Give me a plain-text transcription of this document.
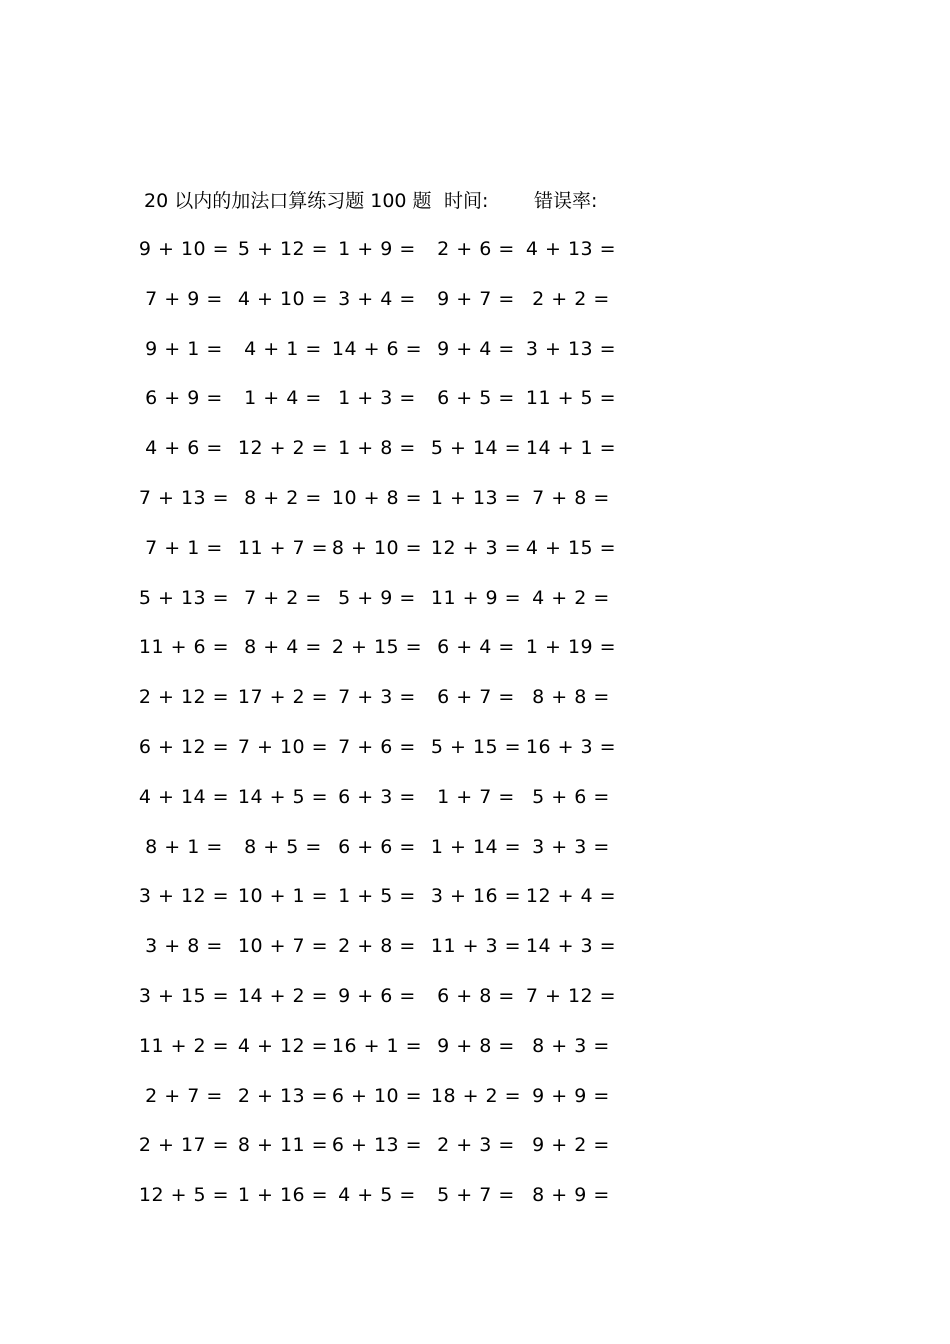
20 以内的加法口算练习题 100 题 时间: 错误率:
9 + 10 = 5 + 12 = 1 + 9 = 2 + 6 = 4 + 13 =
7 + 9 = 4 + 10 = 3 + 4 = 9 + 7 = 2 + 2 =
9 + 1 = 4 + 1 = 14 + 6 = 9 + 4 = 3 + 13 =
6 + 9 = 1 + 4 = 1 + 3 = 6 + 5 = 11 + 5 =
4 + 6 = 12 + 2 = 1 + 8 = 5 + 14 = 14 + 1 =
7 + 13 = 8 + 2 = 10 + 8 = 1 + 13 = 7 + 8 =
7 + 1 = 11 + 7 = 8 + 10 = 12 + 3 = 4 + 15 =
5 + 13 = 7 + 2 = 5 + 9 = 11 + 9 = 4 + 2 =
11 + 6 = 8 + 4 = 2 + 15 = 6 + 4 = 1 + 19 =
2 + 12 = 17 + 2 = 7 + 3 = 6 + 7 = 8 + 8 =
6 + 12 = 7 + 10 = 7 + 6 = 5 + 15 = 16 + 3 =
4 + 14 = 14 + 5 = 6 + 3 = 1 + 7 = 5 + 6 =
8 + 1 = 8 + 5 = 6 + 6 = 1 + 14 = 3 + 3 =
3 + 12 = 10 + 1 = 1 + 5 = 3 + 16 = 12 + 4 =
3 + 8 = 10 + 7 = 2 + 8 = 11 + 3 = 14 + 3 =
3 + 15 = 14 + 2 = 9 + 6 = 6 + 8 = 7 + 12 =
11 + 2 = 4 + 12 = 16 + 1 = 9 + 8 = 8 + 3 =
2 + 7 = 2 + 13 = 6 + 10 = 18 + 2 = 9 + 9 =
2 + 17 = 8 + 11 = 6 + 13 = 2 + 3 = 9 + 2 =
12 + 5 = 1 + 16 = 4 + 5 = 5 + 7 = 8 + 9 =
